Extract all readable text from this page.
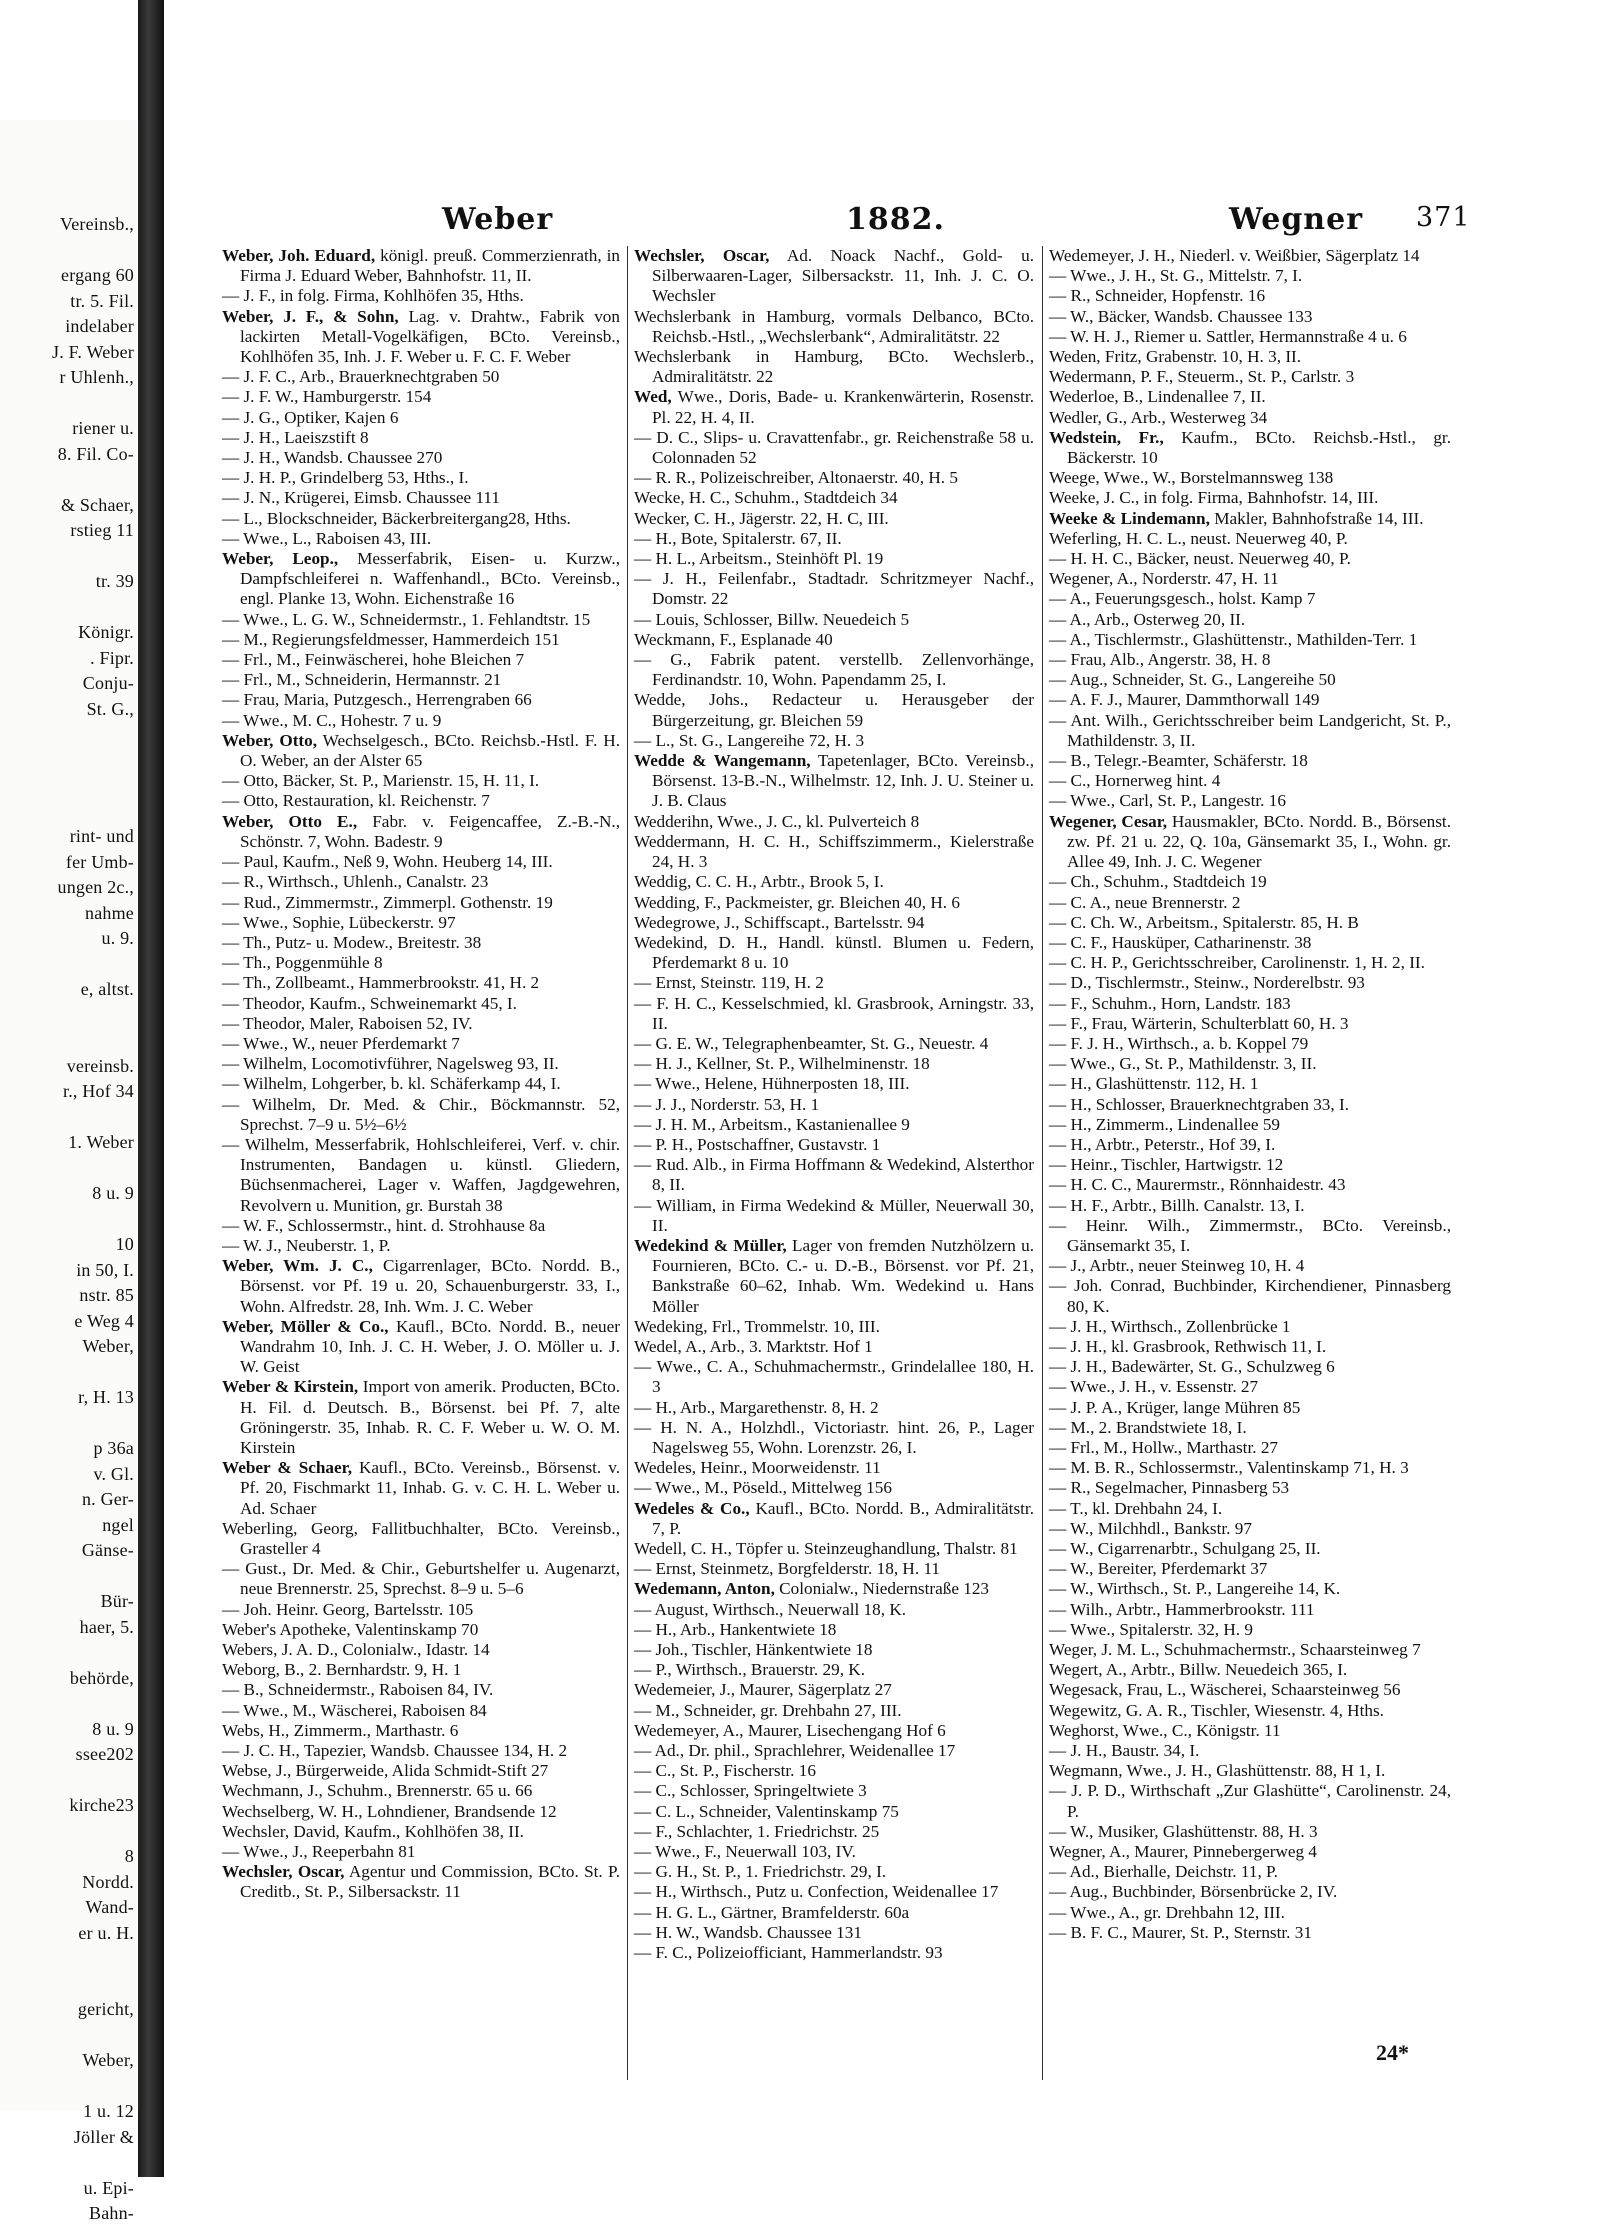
Vereinsb.,

ergang 60
tr. 5. Fil.
indelaber
J. F. Weber
r Uhlenh.,

riener u.
8. Fil. Co-

& Schaer,
rstieg 11

tr. 39

Königr.
. Fipr.
Conju-
St. G.,

rint- und
fer Umb-
ungen 2c.,
nahme
u. 9.

e, altst.

vereinsb.
r., Hof 34

1. Weber

8 u. 9

10
in 50, I.
nstr. 85
e Weg 4
Weber,

r, H. 13

p 36a
v. Gl.
n. Ger-
ngel
Gänse-

Bür-
haer, 5.

behörde,

8 u. 9
ssee202

kirche23

8
Nordd.
Wand-
er u. H.

gericht,

Weber,

1 u. 12
Jöller &

u. Epi-
Bahn-
Weber	1882.	Wegner 371

Weber, Joh. Eduard, königl. preuß. Commerzienrath, in Firma J. Eduard Weber, Bahnhofstr. 11, II.

— J. F., in folg. Firma, Kohlhöfen 35, Hths.

Weber, J. F., & Sohn, Lag. v. Drahtw., Fabrik von lackirten Metall-Vogelkäfigen, BCto. Vereinsb., Kohlhöfen 35, Inh. J. F. Weber u. F. C. F. Weber

— J. F. C., Arb., Brauerknechtgraben 50

— J. F. W., Hamburgerstr. 154

— J. G., Optiker, Kajen 6

— J. H., Laeiszstift 8

— J. H., Wandsb. Chaussee 270

— J. H. P., Grindelberg 53, Hths., I.

— J. N., Krügerei, Eimsb. Chaussee 111

— L., Blockschneider, Bäckerbreitergang28, Hths.

— Wwe., L., Raboisen 43, III.

Weber, Leop., Messerfabrik, Eisen- u. Kurzw., Dampfschleiferei n. Waffenhandl., BCto. Vereinsb., engl. Planke 13, Wohn. Eichenstraße 16

— Wwe., L. G. W., Schneidermstr., 1. Fehlandtstr. 15

— M., Regierungsfeldmesser, Hammerdeich 151

— Frl., M., Feinwäscherei, hohe Bleichen 7

— Frl., M., Schneiderin, Hermannstr. 21

— Frau, Maria, Putzgesch., Herrengraben 66

— Wwe., M. C., Hohestr. 7 u. 9

Weber, Otto, Wechselgesch., BCto. Reichsb.-Hstl. F. H. O. Weber, an der Alster 65

— Otto, Bäcker, St. P., Marienstr. 15, H. 11, I.

— Otto, Restauration, kl. Reichenstr. 7

Weber, Otto E., Fabr. v. Feigencaffee, Z.-B.-N., Schönstr. 7, Wohn. Badestr. 9

— Paul, Kaufm., Neß 9, Wohn. Heuberg 14, III.

— R., Wirthsch., Uhlenh., Canalstr. 23

— Rud., Zimmermstr., Zimmerpl. Gothenstr. 19

— Wwe., Sophie, Lübeckerstr. 97

— Th., Putz- u. Modew., Breitestr. 38

— Th., Poggenmühle 8

— Th., Zollbeamt., Hammerbrookstr. 41, H. 2

— Theodor, Kaufm., Schweinemarkt 45, I.

— Theodor, Maler, Raboisen 52, IV.

— Wwe., W., neuer Pferdemarkt 7

— Wilhelm, Locomotivführer, Nagelsweg 93, II.

— Wilhelm, Lohgerber, b. kl. Schäferkamp 44, I.

— Wilhelm, Dr. Med. & Chir., Böckmannstr. 52, Sprechst. 7–9 u. 5½–6½

— Wilhelm, Messerfabrik, Hohlschleiferei, Verf. v. chir. Instrumenten, Bandagen u. künstl. Gliedern, Büchsenmacherei, Lager v. Waffen, Jagdgewehren, Revolvern u. Munition, gr. Burstah 38

— W. F., Schlossermstr., hint. d. Strohhause 8a

— W. J., Neuberstr. 1, P.

Weber, Wm. J. C., Cigarrenlager, BCto. Nordd. B., Börsenst. vor Pf. 19 u. 20, Schauenburgerstr. 33, I., Wohn. Alfredstr. 28, Inh. Wm. J. C. Weber

Weber, Möller & Co., Kaufl., BCto. Nordd. B., neuer Wandrahm 10, Inh. J. C. H. Weber, J. O. Möller u. J. W. Geist

Weber & Kirstein, Import von amerik. Producten, BCto. H. Fil. d. Deutsch. B., Börsenst. bei Pf. 7, alte Gröningerstr. 35, Inhab. R. C. F. Weber u. W. O. M. Kirstein

Weber & Schaer, Kaufl., BCto. Vereinsb., Börsenst. v. Pf. 20, Fischmarkt 11, Inhab. G. v. C. H. L. Weber u. Ad. Schaer

Weberling, Georg, Fallitbuchhalter, BCto. Vereinsb., Grasteller 4

— Gust., Dr. Med. & Chir., Geburtshelfer u. Augenarzt, neue Brennerstr. 25, Sprechst. 8–9 u. 5–6

— Joh. Heinr. Georg, Bartelsstr. 105

Weber's Apotheke, Valentinskamp 70

Webers, J. A. D., Colonialw., Idastr. 14

Weborg, B., 2. Bernhardstr. 9, H. 1

— B., Schneidermstr., Raboisen 84, IV.

— Wwe., M., Wäscherei, Raboisen 84

Webs, H., Zimmerm., Marthastr. 6

— J. C. H., Tapezier, Wandsb. Chaussee 134, H. 2

Webse, J., Bürgerweide, Alida Schmidt-Stift 27

Wechmann, J., Schuhm., Brennerstr. 65 u. 66

Wechselberg, W. H., Lohndiener, Brandsende 12

Wechsler, David, Kaufm., Kohlhöfen 38, II.

— Wwe., J., Reeperbahn 81

Wechsler, Oscar, Agentur und Commission, BCto. St. P. Creditb., St. P., Silbersackstr. 11

Wechsler, Oscar, Ad. Noack Nachf., Gold- u. Silberwaaren-Lager, Silbersackstr. 11, Inh. J. C. O. Wechsler

Wechslerbank in Hamburg, vormals Delbanco, BCto. Reichsb.-Hstl., „Wechslerbank“, Admiralitätstr. 22

Wechslerbank in Hamburg, BCto. Wechslerb., Admiralitätstr. 22

Wed, Wwe., Doris, Bade- u. Krankenwärterin, Rosenstr. Pl. 22, H. 4, II.

— D. C., Slips- u. Cravattenfabr., gr. Reichenstraße 58 u. Colonnaden 52

— R. R., Polizeischreiber, Altonaerstr. 40, H. 5

Wecke, H. C., Schuhm., Stadtdeich 34

Wecker, C. H., Jägerstr. 22, H. C, III.

— H., Bote, Spitalerstr. 67, II.

— H. L., Arbeitsm., Steinhöft Pl. 19

— J. H., Feilenfabr., Stadtadr. Schritzmeyer Nachf., Domstr. 22

— Louis, Schlosser, Billw. Neuedeich 5

Weckmann, F., Esplanade 40

— G., Fabrik patent. verstellb. Zellenvorhänge, Ferdinandstr. 10, Wohn. Papendamm 25, I.

Wedde, Johs., Redacteur u. Herausgeber der Bürgerzeitung, gr. Bleichen 59

— L., St. G., Langereihe 72, H. 3

Wedde & Wangemann, Tapetenlager, BCto. Vereinsb., Börsenst. 13-B.-N., Wilhelmstr. 12, Inh. J. U. Steiner u. J. B. Claus

Wedderihn, Wwe., J. C., kl. Pulverteich 8

Weddermann, H. C. H., Schiffszimmerm., Kielerstraße 24, H. 3

Weddig, C. C. H., Arbtr., Brook 5, I.

Wedding, F., Packmeister, gr. Bleichen 40, H. 6

Wedegrowe, J., Schiffscapt., Bartelsstr. 94

Wedekind, D. H., Handl. künstl. Blumen u. Federn, Pferdemarkt 8 u. 10

— Ernst, Steinstr. 119, H. 2

— F. H. C., Kesselschmied, kl. Grasbrook, Arningstr. 33, II.

— G. E. W., Telegraphenbeamter, St. G., Neuestr. 4

— H. J., Kellner, St. P., Wilhelminenstr. 18

— Wwe., Helene, Hühnerposten 18, III.

— J. J., Norderstr. 53, H. 1

— J. H. M., Arbeitsm., Kastanienallee 9

— P. H., Postschaffner, Gustavstr. 1

— Rud. Alb., in Firma Hoffmann & Wedekind, Alsterthor 8, II.

— William, in Firma Wedekind & Müller, Neuerwall 30, II.

Wedekind & Müller, Lager von fremden Nutzhölzern u. Fournieren, BCto. C.- u. D.-B., Börsenst. vor Pf. 21, Bankstraße 60–62, Inhab. Wm. Wedekind u. Hans Möller

Wedeking, Frl., Trommelstr. 10, III.

Wedel, A., Arb., 3. Marktstr. Hof 1

— Wwe., C. A., Schuhmachermstr., Grindelallee 180, H. 3

— H., Arb., Margarethenstr. 8, H. 2

— H. N. A., Holzhdl., Victoriastr. hint. 26, P., Lager Nagelsweg 55, Wohn. Lorenzstr. 26, I.

Wedeles, Heinr., Moorweidenstr. 11

— Wwe., M., Pöseld., Mittelweg 156

Wedeles & Co., Kaufl., BCto. Nordd. B., Admiralitätstr. 7, P.

Wedell, C. H., Töpfer u. Steinzeughandlung, Thalstr. 81

— Ernst, Steinmetz, Borgfelderstr. 18, H. 11

Wedemann, Anton, Colonialw., Niedernstraße 123

— August, Wirthsch., Neuerwall 18, K.

— H., Arb., Hankentwiete 18

— Joh., Tischler, Hänkentwiete 18

— P., Wirthsch., Brauerstr. 29, K.

Wedemeier, J., Maurer, Sägerplatz 27

— M., Schneider, gr. Drehbahn 27, III.

Wedemeyer, A., Maurer, Lisechengang Hof 6

— Ad., Dr. phil., Sprachlehrer, Weidenallee 17

— C., St. P., Fischerstr. 16

— C., Schlosser, Springeltwiete 3

— C. L., Schneider, Valentinskamp 75

— F., Schlachter, 1. Friedrichstr. 25

— Wwe., F., Neuerwall 103, IV.

— G. H., St. P., 1. Friedrichstr. 29, I.

— H., Wirthsch., Putz u. Confection, Weidenallee 17

— H. G. L., Gärtner, Bramfelderstr. 60a

— H. W., Wandsb. Chaussee 131

— F. C., Polizeiofficiant, Hammerlandstr. 93

Wedemeyer, J. H., Niederl. v. Weißbier, Sägerplatz 14

— Wwe., J. H., St. G., Mittelstr. 7, I.

— R., Schneider, Hopfenstr. 16

— W., Bäcker, Wandsb. Chaussee 133

— W. H. J., Riemer u. Sattler, Hermannstraße 4 u. 6

Weden, Fritz, Grabenstr. 10, H. 3, II.

Wedermann, P. F., Steuerm., St. P., Carlstr. 3

Wederloe, B., Lindenallee 7, II.

Wedler, G., Arb., Westerweg 34

Wedstein, Fr., Kaufm., BCto. Reichsb.-Hstl., gr. Bäckerstr. 10

Weege, Wwe., W., Borstelmannsweg 138

Weeke, J. C., in folg. Firma, Bahnhofstr. 14, III.

Weeke & Lindemann, Makler, Bahnhofstraße 14, III.

Weferling, H. C. L., neust. Neuerweg 40, P.

— H. H. C., Bäcker, neust. Neuerweg 40, P.

Wegener, A., Norderstr. 47, H. 11

— A., Feuerungsgesch., holst. Kamp 7

— A., Arb., Osterweg 20, II.

— A., Tischlermstr., Glashüttenstr., Mathilden-Terr. 1

— Frau, Alb., Angerstr. 38, H. 8

— Aug., Schneider, St. G., Langereihe 50

— A. F. J., Maurer, Dammthorwall 149

— Ant. Wilh., Gerichtsschreiber beim Landgericht, St. P., Mathildenstr. 3, II.

— B., Telegr.-Beamter, Schäferstr. 18

— C., Hornerweg hint. 4

— Wwe., Carl, St. P., Langestr. 16

Wegener, Cesar, Hausmakler, BCto. Nordd. B., Börsenst. zw. Pf. 21 u. 22, Q. 10a, Gänsemarkt 35, I., Wohn. gr. Allee 49, Inh. J. C. Wegener

— Ch., Schuhm., Stadtdeich 19

— C. A., neue Brennerstr. 2

— C. Ch. W., Arbeitsm., Spitalerstr. 85, H. B

— C. F., Hausküper, Catharinenstr. 38

— C. H. P., Gerichtsschreiber, Carolinenstr. 1, H. 2, II.

— D., Tischlermstr., Steinw., Norderelbstr. 93

— F., Schuhm., Horn, Landstr. 183

— F., Frau, Wärterin, Schulterblatt 60, H. 3

— F. J. H., Wirthsch., a. b. Koppel 79

— Wwe., G., St. P., Mathildenstr. 3, II.

— H., Glashüttenstr. 112, H. 1

— H., Schlosser, Brauerknechtgraben 33, I.

— H., Zimmerm., Lindenallee 59

— H., Arbtr., Peterstr., Hof 39, I.

— Heinr., Tischler, Hartwigstr. 12

— H. C. C., Maurermstr., Rönnhaidestr. 43

— H. F., Arbtr., Billh. Canalstr. 13, I.

— Heinr. Wilh., Zimmermstr., BCto. Vereinsb., Gänsemarkt 35, I.

— J., Arbtr., neuer Steinweg 10, H. 4

— Joh. Conrad, Buchbinder, Kirchendiener, Pinnasberg 80, K.

— J. H., Wirthsch., Zollenbrücke 1

— J. H., kl. Grasbrook, Rethwisch 11, I.

— J. H., Badewärter, St. G., Schulzweg 6

— Wwe., J. H., v. Essenstr. 27

— J. P. A., Krüger, lange Mühren 85

— M., 2. Brandstwiete 18, I.

— Frl., M., Hollw., Marthastr. 27

— M. B. R., Schlossermstr., Valentinskamp 71, H. 3

— R., Segelmacher, Pinnasberg 53

— T., kl. Drehbahn 24, I.

— W., Milchhdl., Bankstr. 97

— W., Cigarrenarbtr., Schulgang 25, II.

— W., Bereiter, Pferdemarkt 37

— W., Wirthsch., St. P., Langereihe 14, K.

— Wilh., Arbtr., Hammerbrookstr. 111

— Wwe., Spitalerstr. 32, H. 9

Weger, J. M. L., Schuhmachermstr., Schaarsteinweg 7

Wegert, A., Arbtr., Billw. Neuedeich 365, I.

Wegesack, Frau, L., Wäscherei, Schaarsteinweg 56

Wegewitz, G. A. R., Tischler, Wiesenstr. 4, Hths.

Weghorst, Wwe., C., Königstr. 11

— J. H., Baustr. 34, I.

Wegmann, Wwe., J. H., Glashüttenstr. 88, H 1, I.

— J. P. D., Wirthschaft „Zur Glashütte“, Carolinenstr. 24, P.

— W., Musiker, Glashüttenstr. 88, H. 3

Wegner, A., Maurer, Pinnebergerweg 4

— Ad., Bierhalle, Deichstr. 11, P.

— Aug., Buchbinder, Börsenbrücke 2, IV.

— Wwe., A., gr. Drehbahn 12, III.

— B. F. C., Maurer, St. P., Sternstr. 31

24*
